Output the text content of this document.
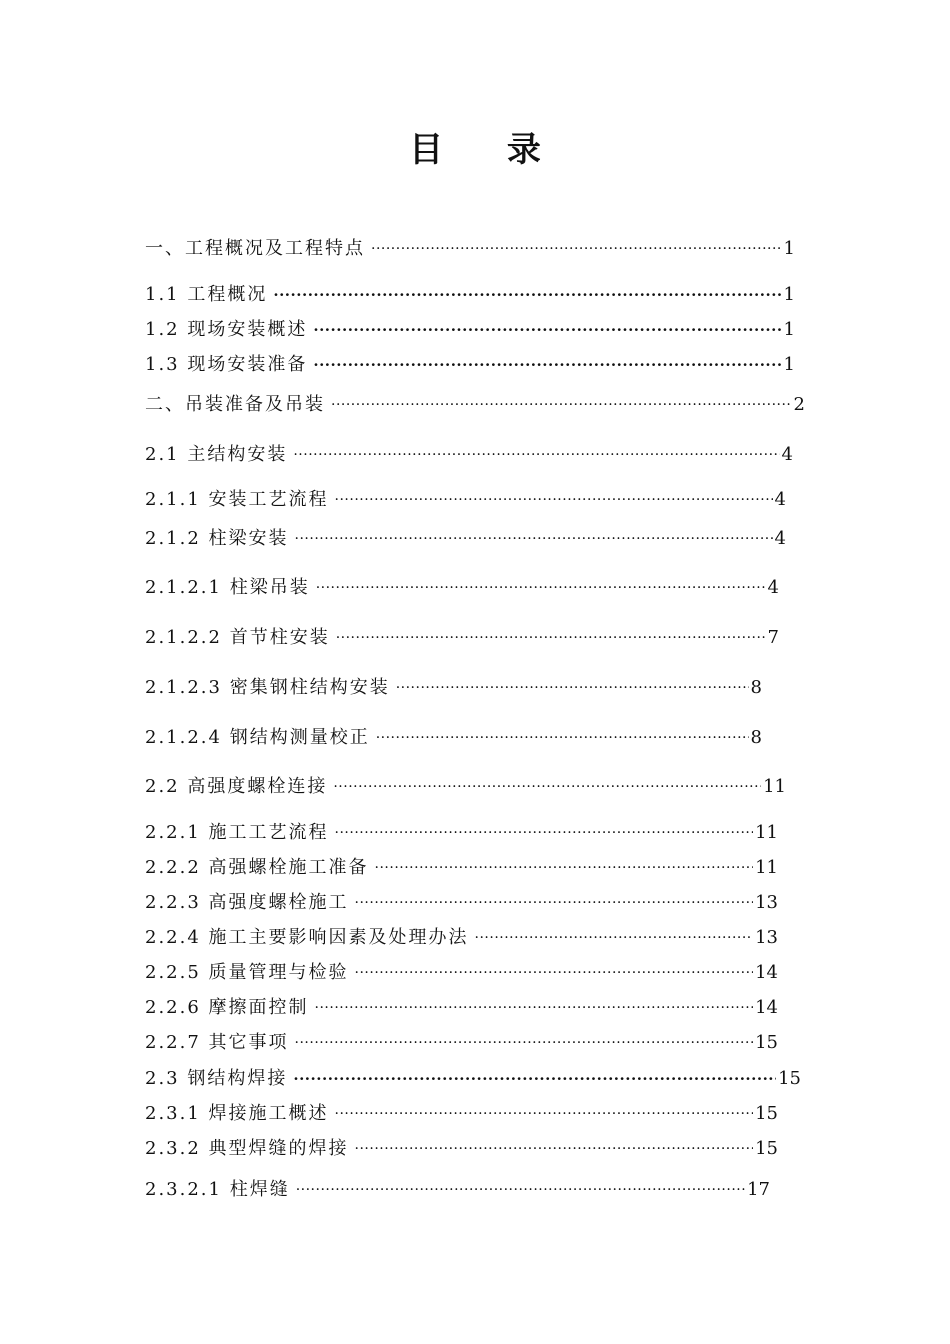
目 录
一、工程概况及工程特点 ·····	1
1.1 工程概况 ·····	1
1.2 现场安装概述 ·····	1
1.3 现场安装准备 ·····	1
二、吊装准备及吊装 ·····	2
2.1 主结构安装 ·····	4
2.1.1 安装工艺流程 ·····	4
2.1.2 柱梁安装 ·····	4
2.1.2.1 柱梁吊装 ·····	4
2.1.2.2 首节柱安装 ·····	7
2.1.2.3 密集钢柱结构安装 ·····	8
2.1.2.4 钢结构测量校正 ·····	8
2.2 高强度螺栓连接 ·····	11
2.2.1 施工工艺流程 ·····	11
2.2.2 高强螺栓施工准备 ·····	11
2.2.3 高强度螺栓施工 ·····	13
2.2.4 施工主要影响因素及处理办法 ·····	13
2.2.5 质量管理与检验 ·····	14
2.2.6 摩擦面控制 ·····	14
2.2.7 其它事项 ·····	15
2.3 钢结构焊接 ·····	15
2.3.1 焊接施工概述 ·····	15
2.3.2 典型焊缝的焊接 ·····	15
2.3.2.1 柱焊缝 ·····	17
